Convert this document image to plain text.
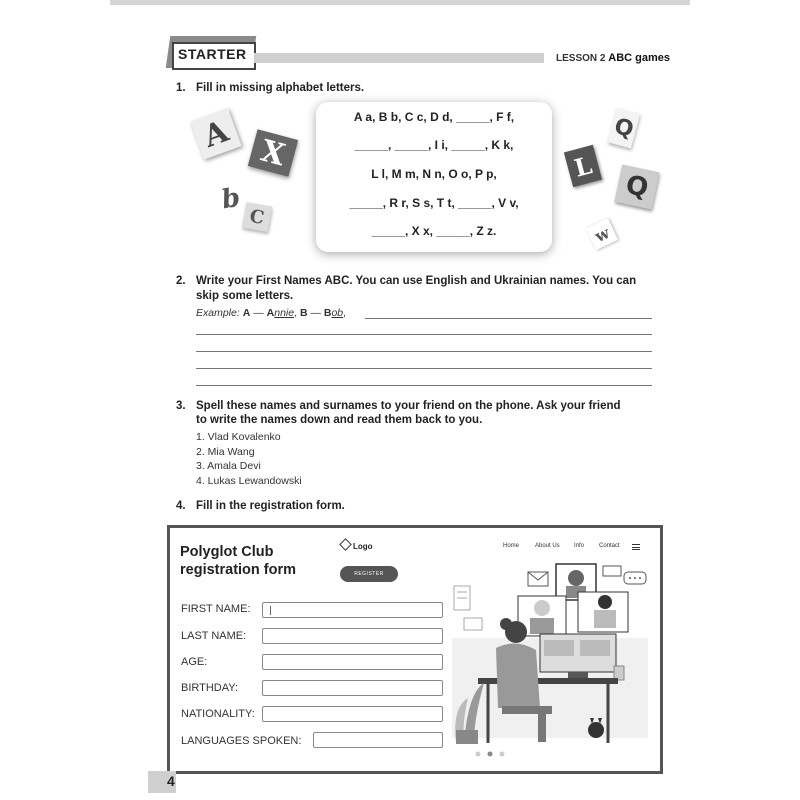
STARTER	LESSON 2 ABC games
1. Fill in missing alphabet letters.
A X
b
C
A a, B b, C c, D d, _____, F f,
_____, _____, I i, _____, K k,
L l, M m, N n, O o, P p,
_____, R r, S s, T t, _____, V v,
_____, X x, _____, Z z.
Q
L
Q
w
2. Write your First Names ABC. You can use English and Ukrainian names. You can
skip some letters.
Example: A — Annie, B — Bob,
3. Spell these names and surnames to your friend on the phone. Ask your friend
to write the names down and read them back to you.
1. Vlad Kovalenko
2. Mia Wang
3. Amala Devi
4. Lukas Lewandowski
4. Fill in the registration form.
Polyglot Club
registration form
Logo
REGISTER
Home	About Us Info Contact
FIRST NAME:
LAST NAME:
AGE:
BIRTHDAY:
NATIONALITY:
LANGUAGES SPOKEN:
4
